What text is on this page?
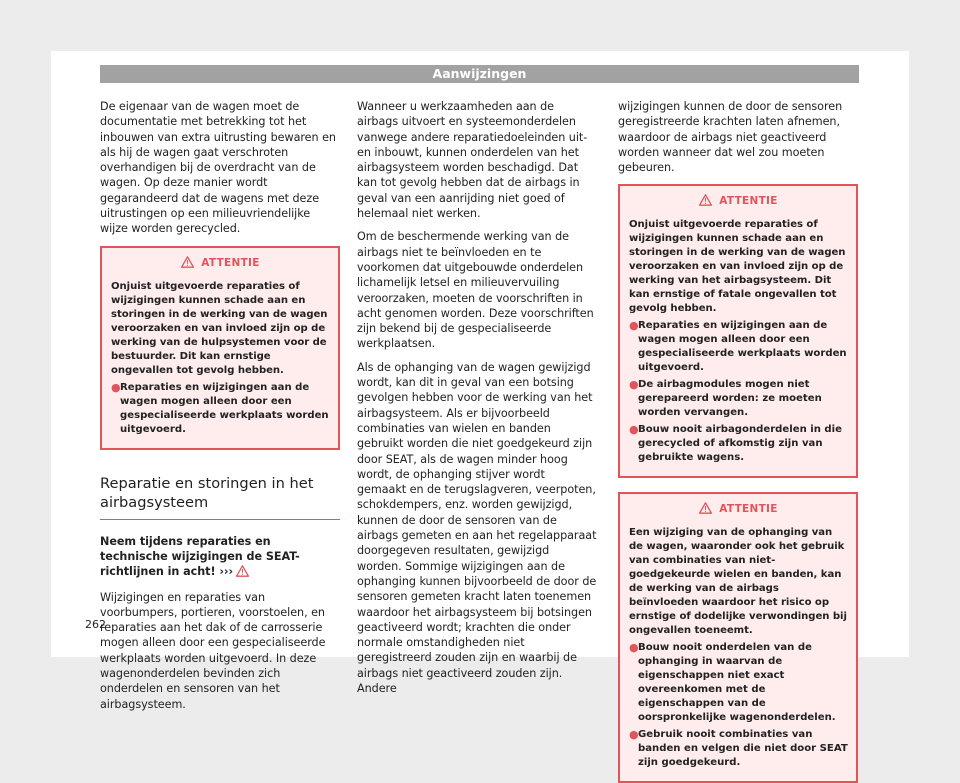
Aanwijzingen

De eigenaar van de wagen moet de documentatie met betrekking tot het inbouwen van extra uitrusting bewaren en als hij de wagen gaat verschroten overhandigen bij de overdracht van de wagen. Op deze manier wordt gegarandeerd dat de wagens met deze uitrustingen op een milieuvriendelijke wijze worden gerecycled.

ATTENTIE

Onjuist uitgevoerde reparaties of wijzigingen kunnen schade aan en storingen in de werking van de wagen veroorzaken en van invloed zijn op de werking van de hulpsystemen voor de bestuurder. Dit kan ernstige ongevallen tot gevolg hebben.

● Reparaties en wijzigingen aan de wagen mogen alleen door een gespecialiseerde werkplaats worden uitgevoerd.
Reparatie en storingen in het airbagsysteem

Neem tijdens reparaties en technische wijzigingen de SEAT-richtlijnen in acht! ›››

Wijzigingen en reparaties van voorbumpers, portieren, voorstoelen, en reparaties aan het dak of de carrosserie mogen alleen door een gespecialiseerde werkplaats worden uitgevoerd. In deze wagenonderdelen bevinden zich onderdelen en sensoren van het airbagsysteem.

Wanneer u werkzaamheden aan de airbags uitvoert en systeemonderdelen vanwege andere reparatiedoeleinden uit- en inbouwt, kunnen onderdelen van het airbagsysteem worden beschadigd. Dat kan tot gevolg hebben dat de airbags in geval van een aanrijding niet goed of helemaal niet werken.

Om de beschermende werking van de airbags niet te beïnvloeden en te voorkomen dat uitgebouwde onderdelen lichamelijk letsel en milieuvervuiling veroorzaken, moeten de voorschriften in acht genomen worden. Deze voorschriften zijn bekend bij de gespecialiseerde werkplaatsen.

Als de ophanging van de wagen gewijzigd wordt, kan dit in geval van een botsing gevolgen hebben voor de werking van het airbagsysteem. Als er bijvoorbeeld combinaties van wielen en banden gebruikt worden die niet goedgekeurd zijn door SEAT, als de wagen minder hoog wordt, de ophanging stijver wordt gemaakt en de terugslagveren, veerpoten, schokdempers, enz. worden gewijzigd, kunnen de door de sensoren van de airbags gemeten en aan het regelapparaat doorgegeven resultaten, gewijzigd worden. Sommige wijzigingen aan de ophanging kunnen bijvoorbeeld de door de sensoren gemeten kracht laten toenemen waardoor het airbagsysteem bij botsingen geactiveerd wordt; krachten die onder normale omstandigheden niet geregistreerd zouden zijn en waarbij de airbags niet geactiveerd zouden zijn. Andere

wijzigingen kunnen de door de sensoren geregistreerde krachten laten afnemen, waardoor de airbags niet geactiveerd worden wanneer dat wel zou moeten gebeuren.

ATTENTIE

Onjuist uitgevoerde reparaties of wijzigingen kunnen schade aan en storingen in de werking van de wagen veroorzaken en van invloed zijn op de werking van het airbagsysteem. Dit kan ernstige of fatale ongevallen tot gevolg hebben.

● Reparaties en wijzigingen aan de wagen mogen alleen door een gespecialiseerde werkplaats worden uitgevoerd.
● De airbagmodules mogen niet gerepareerd worden: ze moeten worden vervangen.
● Bouw nooit airbagonderdelen in die gerecycled of afkomstig zijn van gebruikte wagens.
ATTENTIE

Een wijziging van de ophanging van de wagen, waaronder ook het gebruik van combinaties van niet-goedgekeurde wielen en banden, kan de werking van de airbags beïnvloeden waardoor het risico op ernstige of dodelijke verwondingen bij ongevallen toeneemt.

● Bouw nooit onderdelen van de ophanging in waarvan de eigenschappen niet exact overeenkomen met de eigenschappen van de oorspronkelijke wagenonderdelen.
● Gebruik nooit combinaties van banden en velgen die niet door SEAT zijn goedgekeurd.
262
